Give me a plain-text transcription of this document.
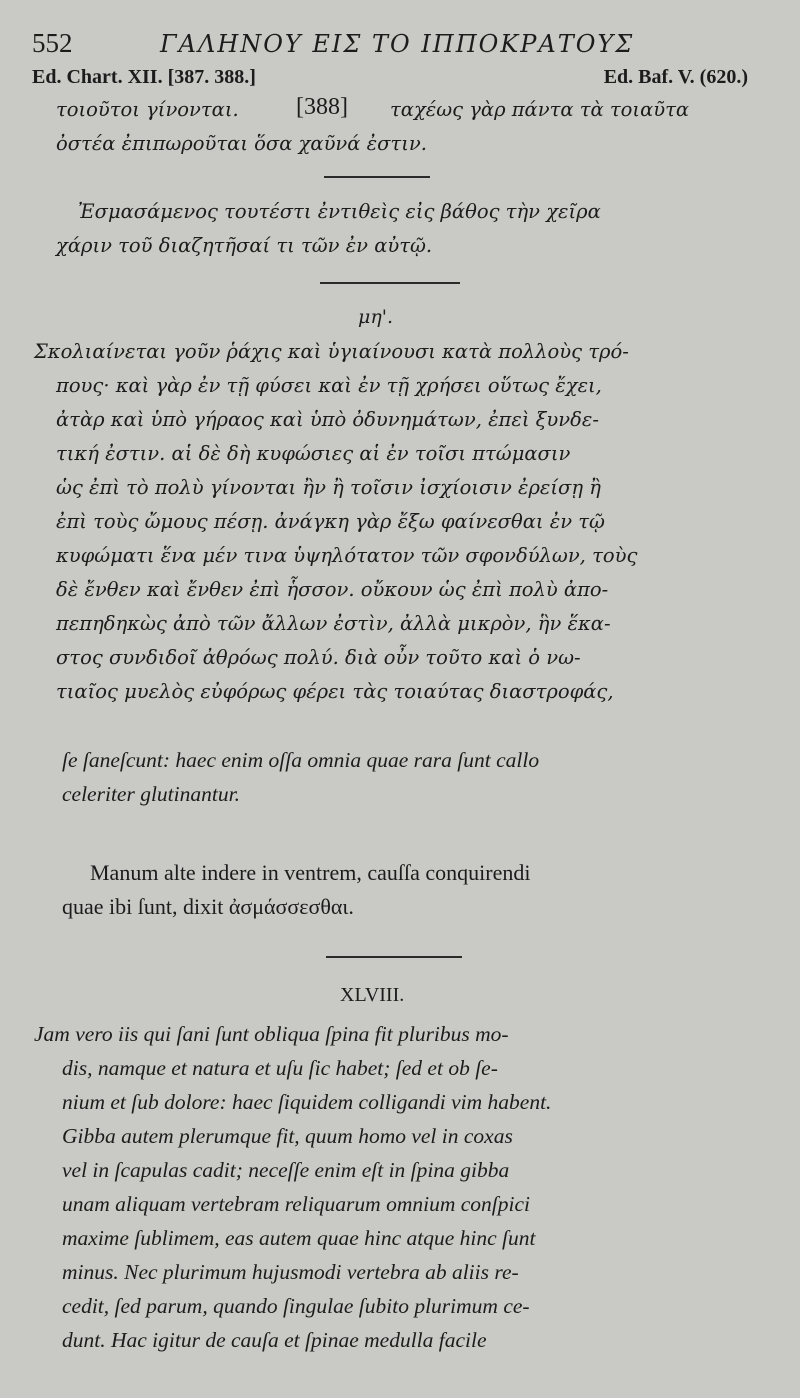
552	ΓΑΛΗΝΟΥ ΕΙΣ ΤΟ ΙΠΠΟΚΡΑΤΟΥΣ
Ed. Chart. XII. [387. 388.]	Ed. Baf. V. (620.)
τοιοῦτοι γίνονται. [388] ταχέως γὰρ πάντα τὰ τοιαῦτα
ὀστέα ἐπιπωροῦται ὅσα χαῦνά ἐστιν.
Ἐσμασάμενος τουτέστι ἐντιθεὶς εἰς βάθος τὴν χεῖρα
χάριν τοῦ διαζητῆσαί τι τῶν ἐν αὐτῷ.
μη'.
Σκολιαίνεται γοῦν ῥάχις καὶ ὑγιαίνουσι κατὰ πολλοὺς τρό-
πους· καὶ γὰρ ἐν τῇ φύσει καὶ ἐν τῇ χρήσει οὕτως ἔχει,
ἀτὰρ καὶ ὑπὸ γήραος καὶ ὑπὸ ὀδυνημάτων, ἐπεὶ ξυνδε-
τική ἐστιν. αἱ δὲ δὴ κυφώσιες αἱ ἐν τοῖσι πτώμασιν
ὡς ἐπὶ τὸ πολὺ γίνονται ἢν ἢ τοῖσιν ἰσχίοισιν ἐρείσῃ ἢ
ἐπὶ τοὺς ὤμους πέσῃ. ἀνάγκη γὰρ ἔξω φαίνεσθαι ἐν τῷ
κυφώματι ἕνα μέν τινα ὑψηλότατον τῶν σφονδύλων, τοὺς
δὲ ἔνθεν καὶ ἔνθεν ἐπὶ ἧσσον. οὔκουν ὡς ἐπὶ πολὺ ἀπο-
πεπηδηκὼς ἀπὸ τῶν ἄλλων ἐστὶν, ἀλλὰ μικρὸν, ἣν ἕκα-
στος συνδιδοῖ ἀθρόως πολύ. διὰ οὖν τοῦτο καὶ ὁ νω-
τιαῖος μυελὸς εὐφόρως φέρει τὰς τοιαύτας διαστροφάς,
ſe ſaneſcunt: haec enim oſſa omnia quae rara ſunt callo
celeriter glutinantur.
Manum alte indere in ventrem, cauſſa conquirendi
quae ibi ſunt, dixit ἀσμάσσεσθαι.
XLVIII.
Jam vero iis qui ſani ſunt obliqua ſpina fit pluribus mo-
dis, namque et natura et uſu ſic habet; ſed et ob ſe-
nium et ſub dolore: haec ſiquidem colligandi vim habent.
Gibba autem plerumque fit, quum homo vel in coxas
vel in ſcapulas cadit; neceſſe enim eſt in ſpina gibba
unam aliquam vertebram reliquarum omnium conſpici
maxime ſublimem, eas autem quae hinc atque hinc ſunt
minus. Nec plurimum hujusmodi vertebra ab aliis re-
cedit, ſed parum, quando ſingulae ſubito plurimum ce-
dunt. Hac igitur de cauſa et ſpinae medulla facile
